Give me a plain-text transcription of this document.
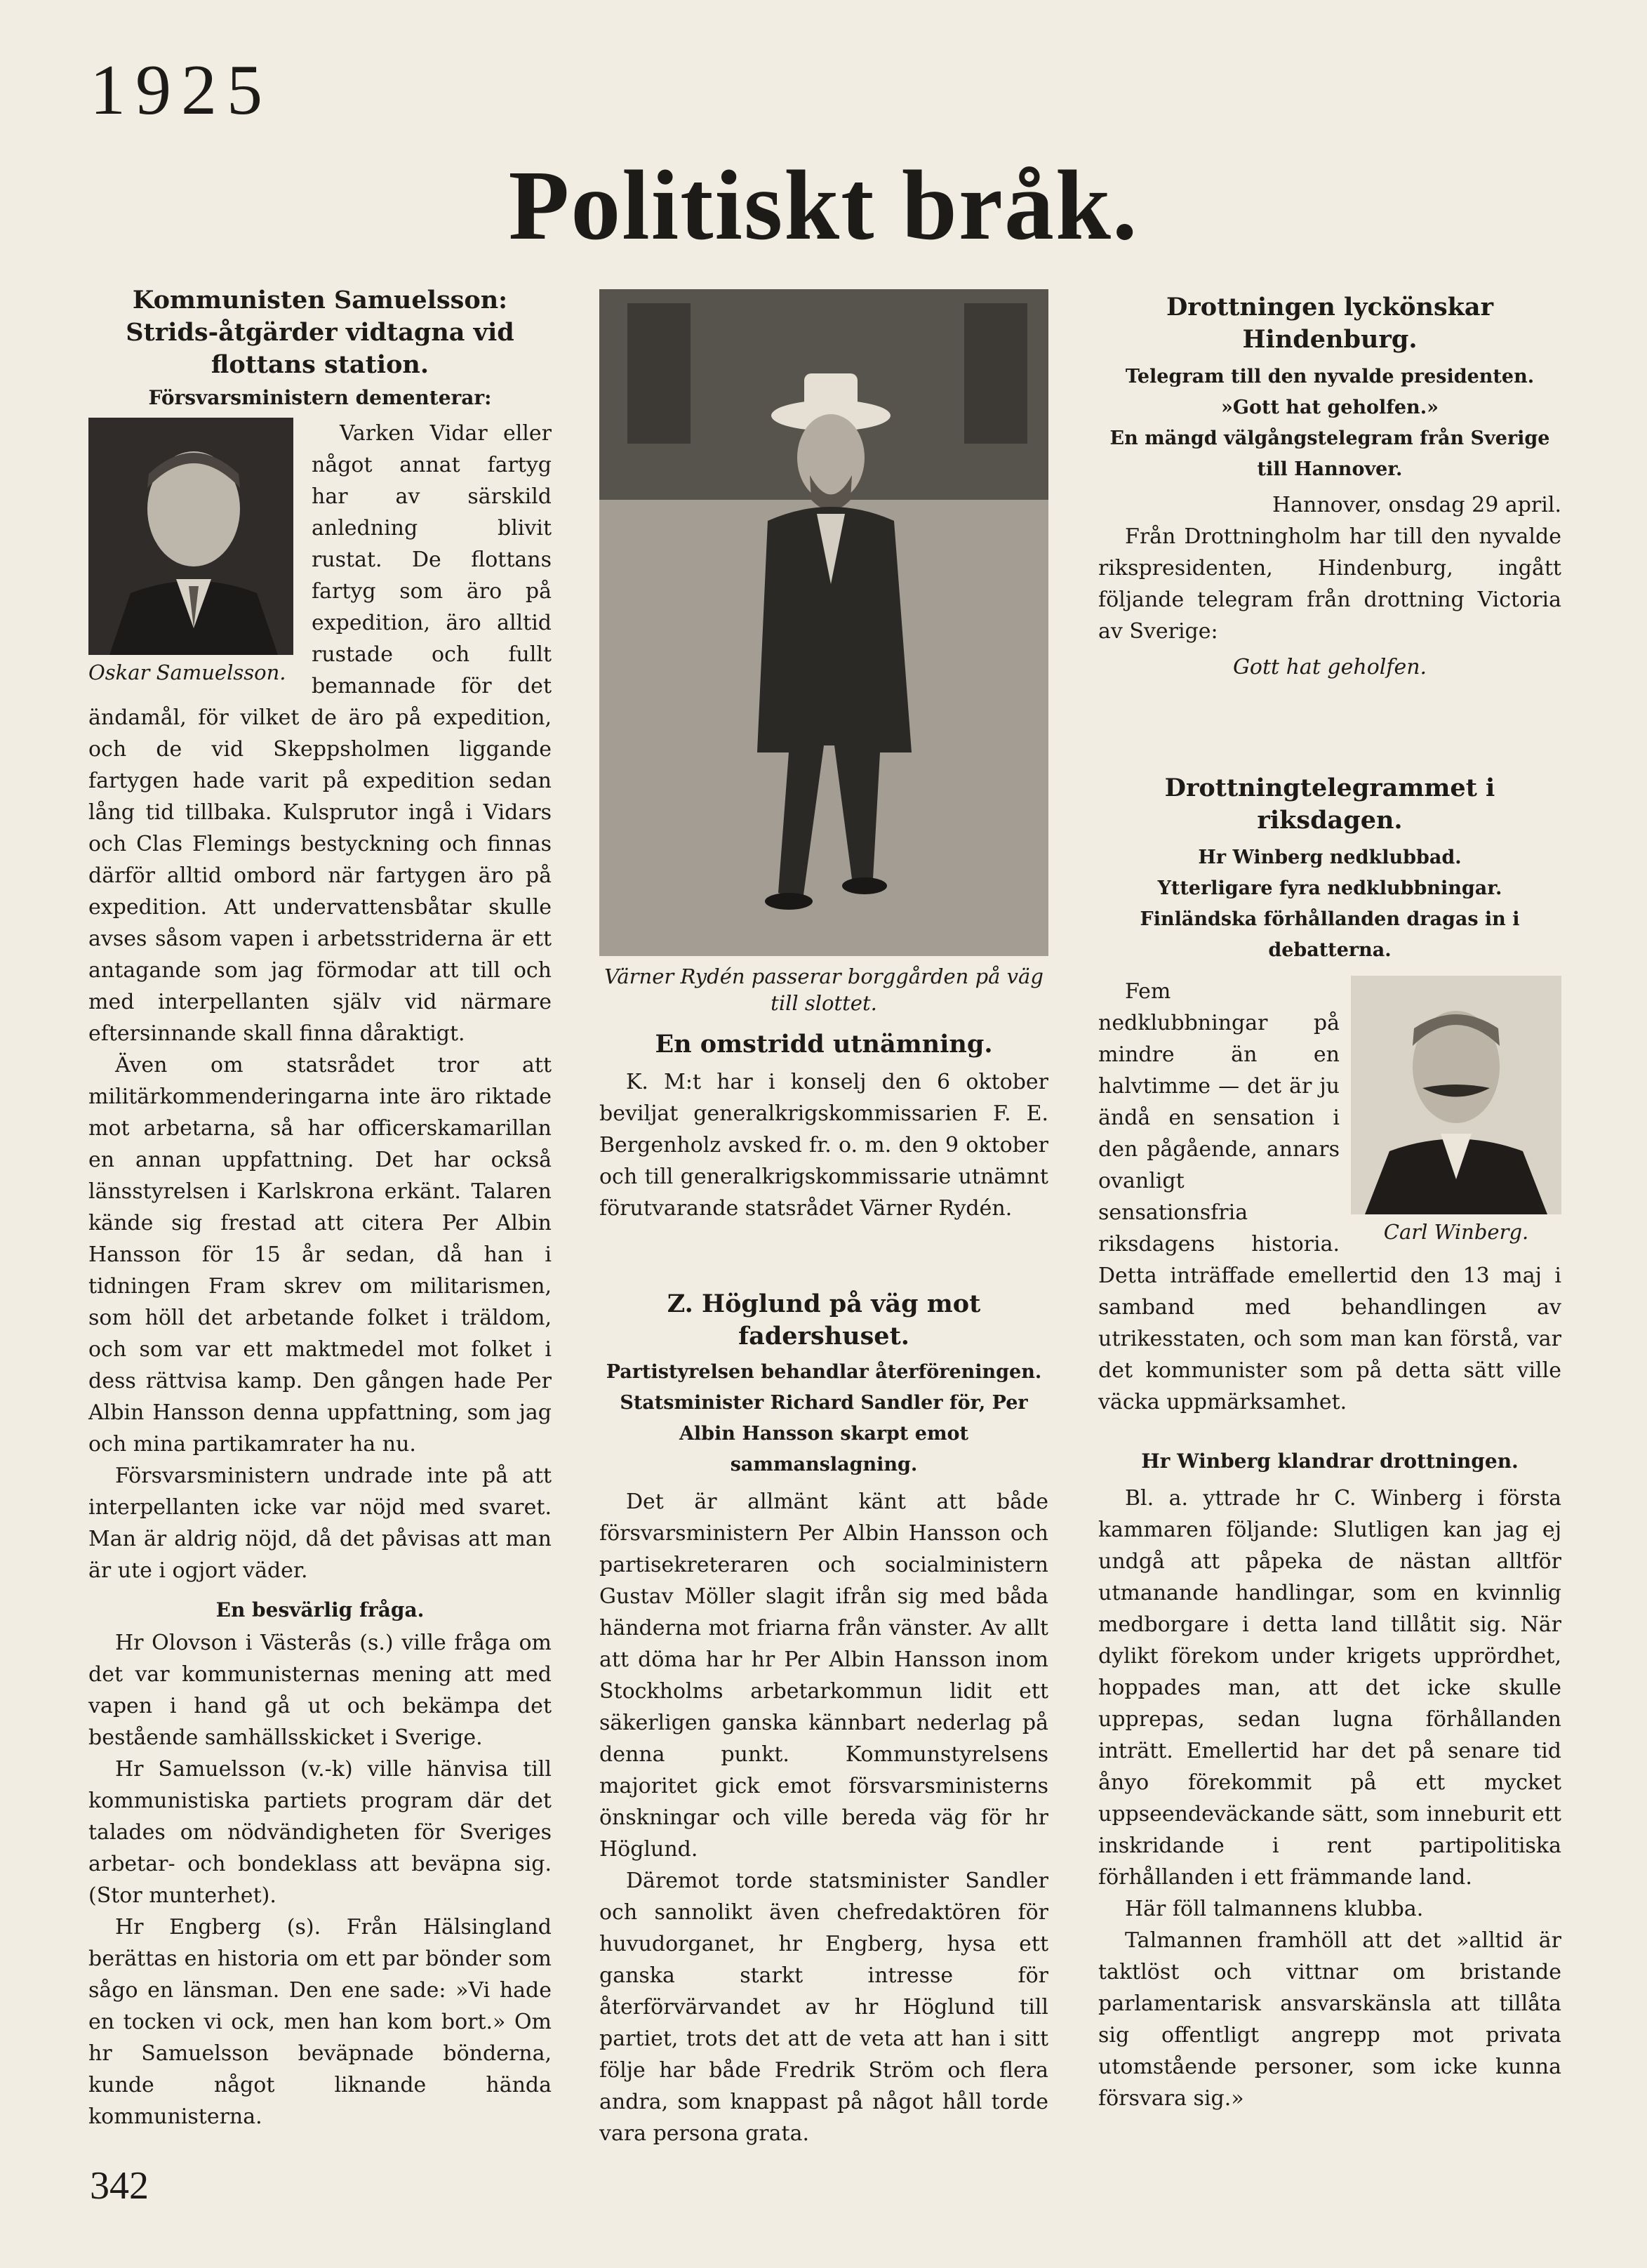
1925
Politiskt bråk.
Kommunisten Samuelsson: Strids-åtgärder vidtagna vid flottans station.
Försvarsministern dementerar:
Oskar Samuelsson.

Varken Vidar eller något annat fartyg har av särskild anledning blivit rustat. De flottans fartyg som äro på expedition, äro alltid rustade och fullt bemannade för det ändamål, för vilket de äro på expedition, och de vid Skeppsholmen liggande fartygen hade varit på expedition sedan lång tid tillbaka. Kulsprutor ingå i Vidars och Clas Flemings bestyckning och finnas därför alltid ombord när fartygen äro på expedition. Att undervattensbåtar skulle avses såsom vapen i arbetsstriderna är ett antagande som jag förmodar att till och med interpellanten själv vid närmare eftersinnande skall finna dåraktigt.

Även om statsrådet tror att militärkommenderingarna inte äro riktade mot arbetarna, så har officerskamarillan en annan uppfattning. Det har också länsstyrelsen i Karlskrona erkänt. Talaren kände sig frestad att citera Per Albin Hansson för 15 år sedan, då han i tidningen Fram skrev om militarismen, som höll det arbetande folket i träldom, och som var ett maktmedel mot folket i dess rättvisa kamp. Den gången hade Per Albin Hansson denna uppfattning, som jag och mina partikamrater ha nu.

Försvarsministern undrade inte på att interpellanten icke var nöjd med svaret. Man är aldrig nöjd, då det påvisas att man är ute i ogjort väder.

En besvärlig fråga.

Hr Olovson i Västerås (s.) ville fråga om det var kommunisternas mening att med vapen i hand gå ut och bekämpa det bestående samhällsskicket i Sverige.

Hr Samuelsson (v.-k) ville hänvisa till kommunistiska partiets program där det talades om nödvändigheten för Sveriges arbetar- och bondeklass att beväpna sig. (Stor munterhet).

Hr Engberg (s). Från Hälsingland berättas en historia om ett par bönder som sågo en länsman. Den ene sade: »Vi hade en tocken vi ock, men han kom bort.» Om hr Samuelsson beväpnade bönderna, kunde något liknande hända kommunisterna.

Värner Rydén passerar borggården på väg till slottet.
En omstridd utnämning.

K. M:t har i konselj den 6 oktober beviljat generalkrigskommissarien F. E. Bergenholz avsked fr. o. m. den 9 oktober och till generalkrigskommissarie utnämnt förutvarande statsrådet Värner Rydén.

Z. Höglund på väg mot fadershuset.
Partistyrelsen behandlar återföreningen.
Statsminister Richard Sandler för, Per Albin Hansson skarpt emot sammanslagning.

Det är allmänt känt att både försvarsministern Per Albin Hansson och partisekreteraren och socialministern Gustav Möller slagit ifrån sig med båda händerna mot friarna från vänster. Av allt att döma har hr Per Albin Hansson inom Stockholms arbetarkommun lidit ett säkerligen ganska kännbart nederlag på denna punkt. Kommunstyrelsens majoritet gick emot försvarsministerns önskningar och ville bereda väg för hr Höglund.

Däremot torde statsminister Sandler och sannolikt även chefredaktören för huvudorganet, hr Engberg, hysa ett ganska starkt intresse för återförvärvandet av hr Höglund till partiet, trots det att de veta att han i sitt följe har både Fredrik Ström och flera andra, som knappast på något håll torde vara persona grata.

Drottningen lyckönskar Hindenburg.
Telegram till den nyvalde presidenten.
»Gott hat geholfen.»
En mängd välgångstelegram från Sverige till Hannover.

Hannover, onsdag 29 april.

Från Drottningholm har till den nyvalde rikspresidenten, Hindenburg, ingått följande telegram från drottning Victoria av Sverige:

Gott hat geholfen.

Drottningtelegrammet i riksdagen.
Hr Winberg nedklubbad.
Ytterligare fyra nedklubbningar.
Finländska förhållanden dragas in i debatterna.
Carl Winberg.

Fem nedklubbningar på mindre än en halvtimme — det är ju ändå en sensation i den pågående, annars ovanligt sensationsfria riksdagens historia. Detta inträffade emellertid den 13 maj i samband med behandlingen av utrikesstaten, och som man kan förstå, var det kommunister som på detta sätt ville väcka uppmärksamhet.

Hr Winberg klandrar drottningen.

Bl. a. yttrade hr C. Winberg i första kammaren följande: Slutligen kan jag ej undgå att påpeka de nästan alltför utmanande handlingar, som en kvinnlig medborgare i detta land tillåtit sig. När dylikt förekom under krigets upprördhet, hoppades man, att det icke skulle upprepas, sedan lugna förhållanden inträtt. Emellertid har det på senare tid ånyo förekommit på ett mycket uppseendeväckande sätt, som inneburit ett inskridande i rent partipolitiska förhållanden i ett främmande land.

Här föll talmannens klubba.

Talmannen framhöll att det »alltid är taktlöst och vittnar om bristande parlamentarisk ansvarskänsla att tillåta sig offentligt angrepp mot privata utomstående personer, som icke kunna försvara sig.»

342
